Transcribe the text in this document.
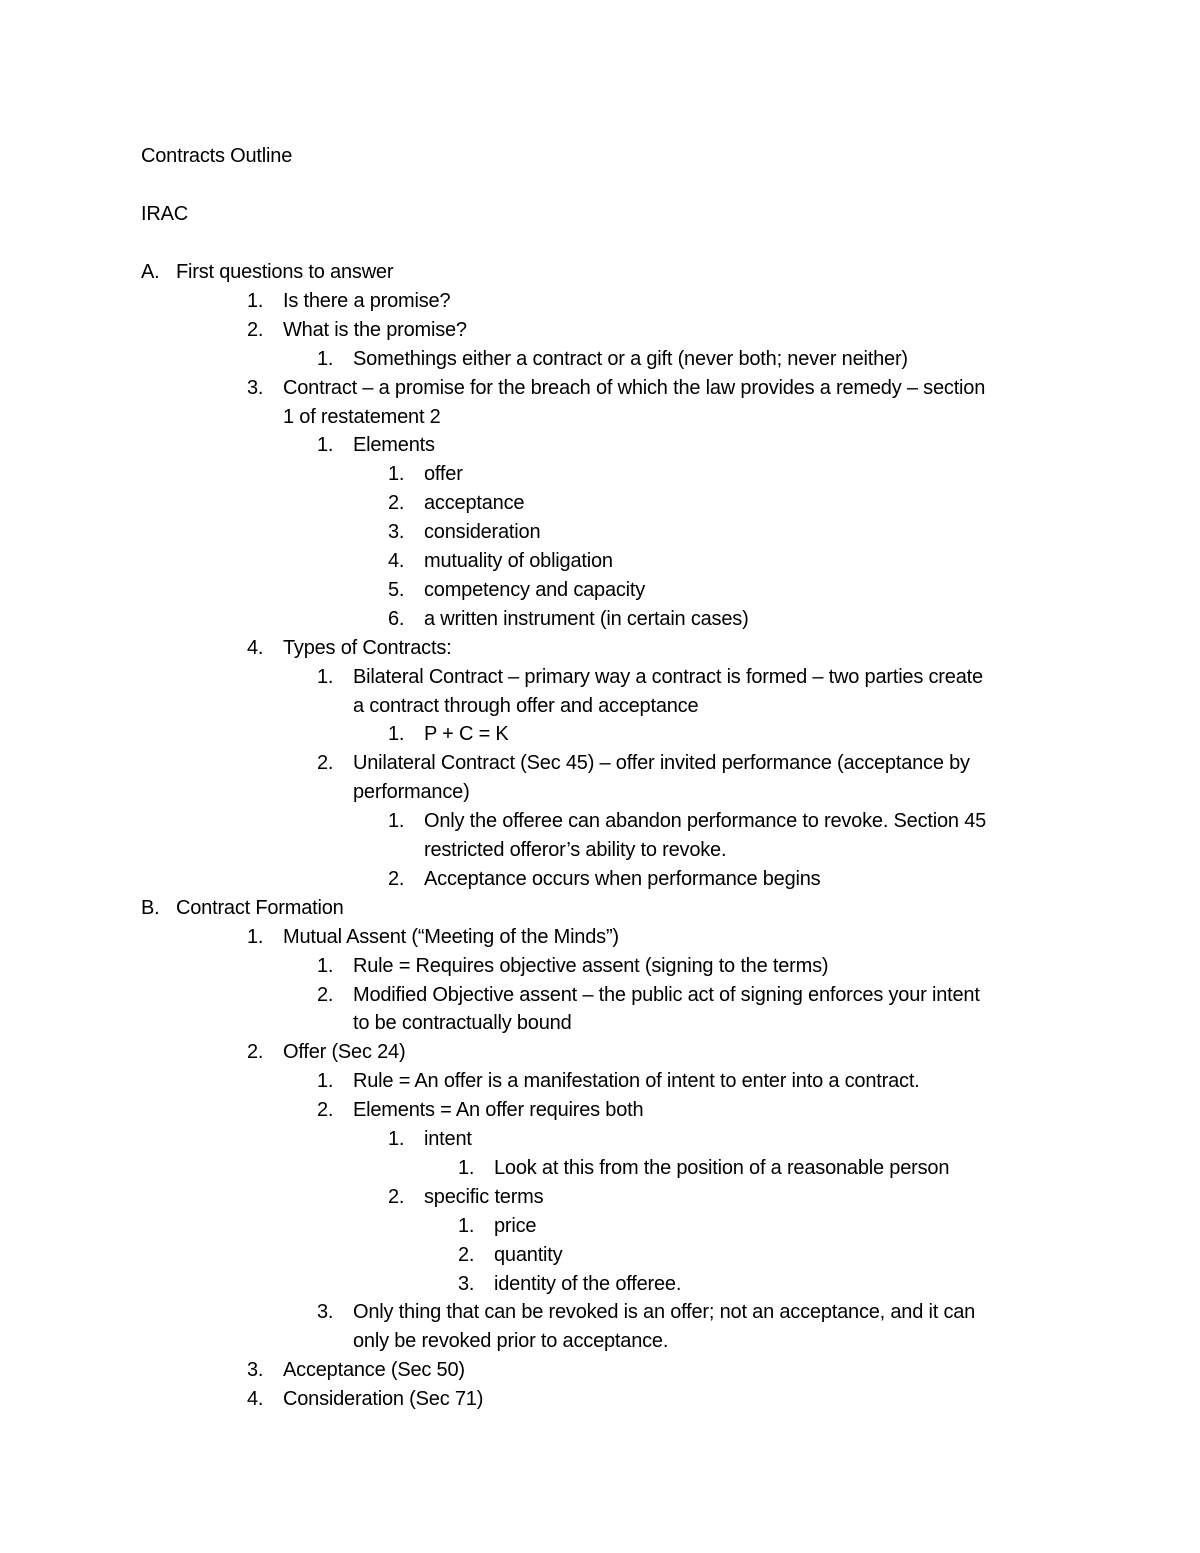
Contracts Outline
IRAC
A. First questions to answer
1. Is there a promise?
2. What is the promise?
1. Somethings either a contract or a gift (never both; never neither)
3. Contract – a promise for the breach of which the law provides a remedy – section
1 of restatement 2
1. Elements
1. offer
2. acceptance
3. consideration
4. mutuality of obligation
5. competency and capacity
6. a written instrument (in certain cases)
4. Types of Contracts:
1. Bilateral Contract – primary way a contract is formed – two parties create
a contract through offer and acceptance
1. P + C = K
2. Unilateral Contract (Sec 45) – offer invited performance (acceptance by
performance)
1. Only the offeree can abandon performance to revoke. Section 45
restricted offeror’s ability to revoke.
2. Acceptance occurs when performance begins
B. Contract Formation
1. Mutual Assent (“Meeting of the Minds”)
1. Rule = Requires objective assent (signing to the terms)
2. Modified Objective assent – the public act of signing enforces your intent
to be contractually bound
2. Offer (Sec 24)
1. Rule = An offer is a manifestation of intent to enter into a contract.
2. Elements = An offer requires both
1. intent
1. Look at this from the position of a reasonable person
2. specific terms
1. price
2. quantity
3. identity of the offeree.
3. Only thing that can be revoked is an offer; not an acceptance, and it can
only be revoked prior to acceptance.
3. Acceptance (Sec 50)
4. Consideration (Sec 71)
